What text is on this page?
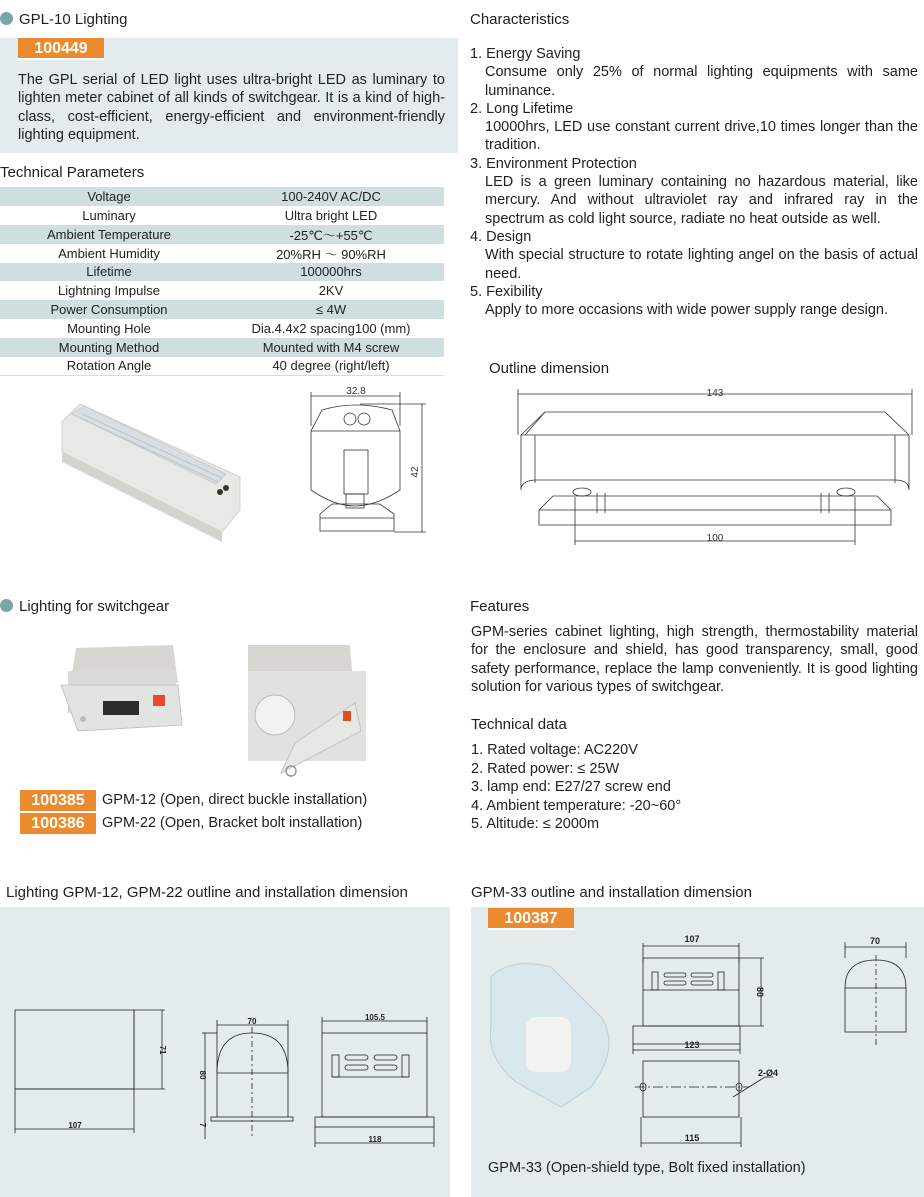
GPL-10 Lighting
100449
The GPL serial of LED light uses ultra-bright LED as luminary to lighten meter cabinet of all kinds of switchgear. It is a kind of high-class, cost-efficient, energy-efficient and environment-friendly lighting equipment.
Technical Parameters
Voltage	100-240V AC/DC
Luminary	Ultra bright LED
Ambient Temperature	-25℃～+55℃
Ambient Humidity	20%RH ～ 90%RH
Lifetime	100000hrs
Lightning Impulse	2KV
Power Consumption	≤ 4W
Mounting Hole	Dia.4.4x2 spacing100 (mm)
Mounting Method	Mounted with M4 screw
Rotation Angle	40 degree (right/left)
32.8
42
Characteristics
1. Energy Saving
Consume only 25% of normal lighting equipments with same luminance.
2. Long Lifetime
10000hrs, LED use constant current drive,10 times longer than the tradition.
3. Environment Protection
LED is a green luminary containing no hazardous material, like mercury. And without ultraviolet ray and infrared ray in the spectrum as cold light source, radiate no heat outside as well.
4. Design
With special structure to rotate lighting angel on the basis of actual need.
5. Fexibility
Apply to more occasions with wide power supply range design.
Outline dimension
143
100
Lighting for switchgear
100385	GPM-12 (Open, direct buckle installation)
100386	GPM-22 (Open, Bracket bolt installation)
Features
GPM-series cabinet lighting, high strength, thermostability material for the enclosure and shield, has good transparency, small, good safety performance, replace the lamp conveniently. It is good lighting solution for various types of switchgear.
Technical data
1. Rated voltage: AC220V
2. Rated power: ≤ 25W
3. lamp end: E27/27 screw end
4. Ambient temperature: -20~60°
5. Altitude: ≤ 2000m
Lighting GPM-12, GPM-22 outline and installation dimension
107
71
70
80
7
105.5
118
GPM-33 outline and installation dimension
107
80
123
70
2-Ø4
115
100387
GPM-33 (Open-shield type, Bolt fixed installation)
